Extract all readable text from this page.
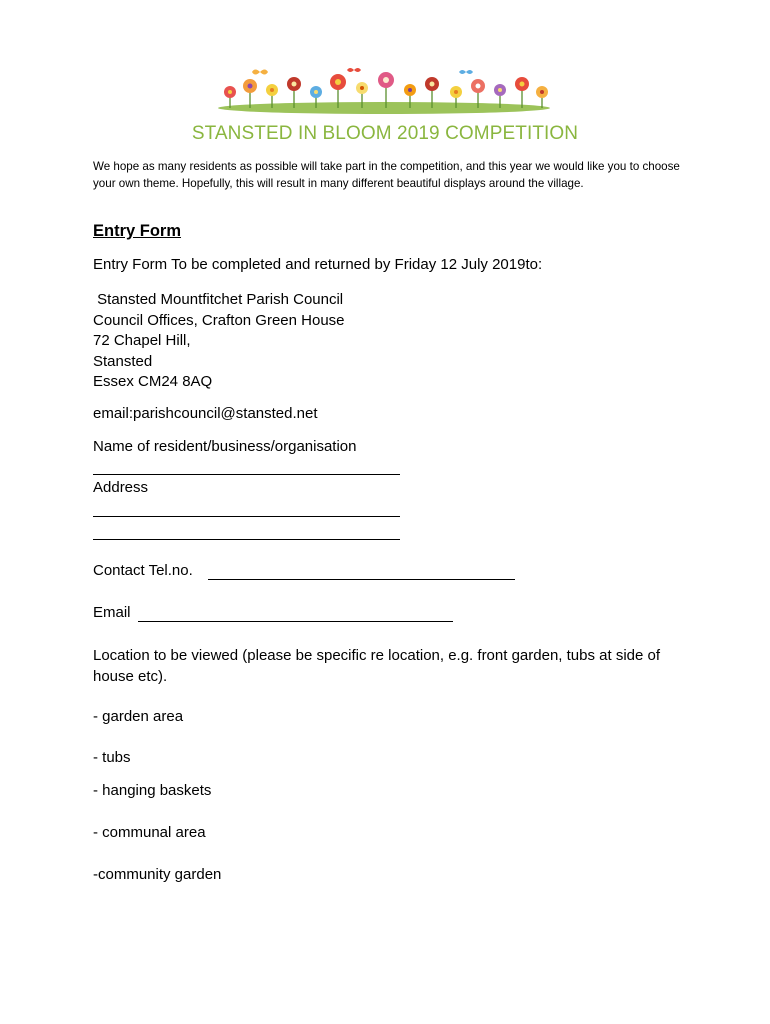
STANSTED IN BLOOM 2019 COMPETITION

We hope as many residents as possible will take part in the competition, and this year we would like you to choose your own theme. Hopefully, this will result in many different beautiful displays around the village.

Entry Form

Entry Form To be completed and returned by Friday 12 July 2019to:

Stansted Mountfitchet Parish Council
Council Offices, Crafton Green House
72 Chapel Hill,
Stansted
Essex CM24 8AQ

email:parishcouncil@stansted.net

Name of resident/business/organisation

Address

Contact Tel.no.

Email

Location to be viewed (please be specific re location, e.g. front garden, tubs at side of house etc).

- garden area

- tubs

- hanging baskets

- communal area

-community garden
